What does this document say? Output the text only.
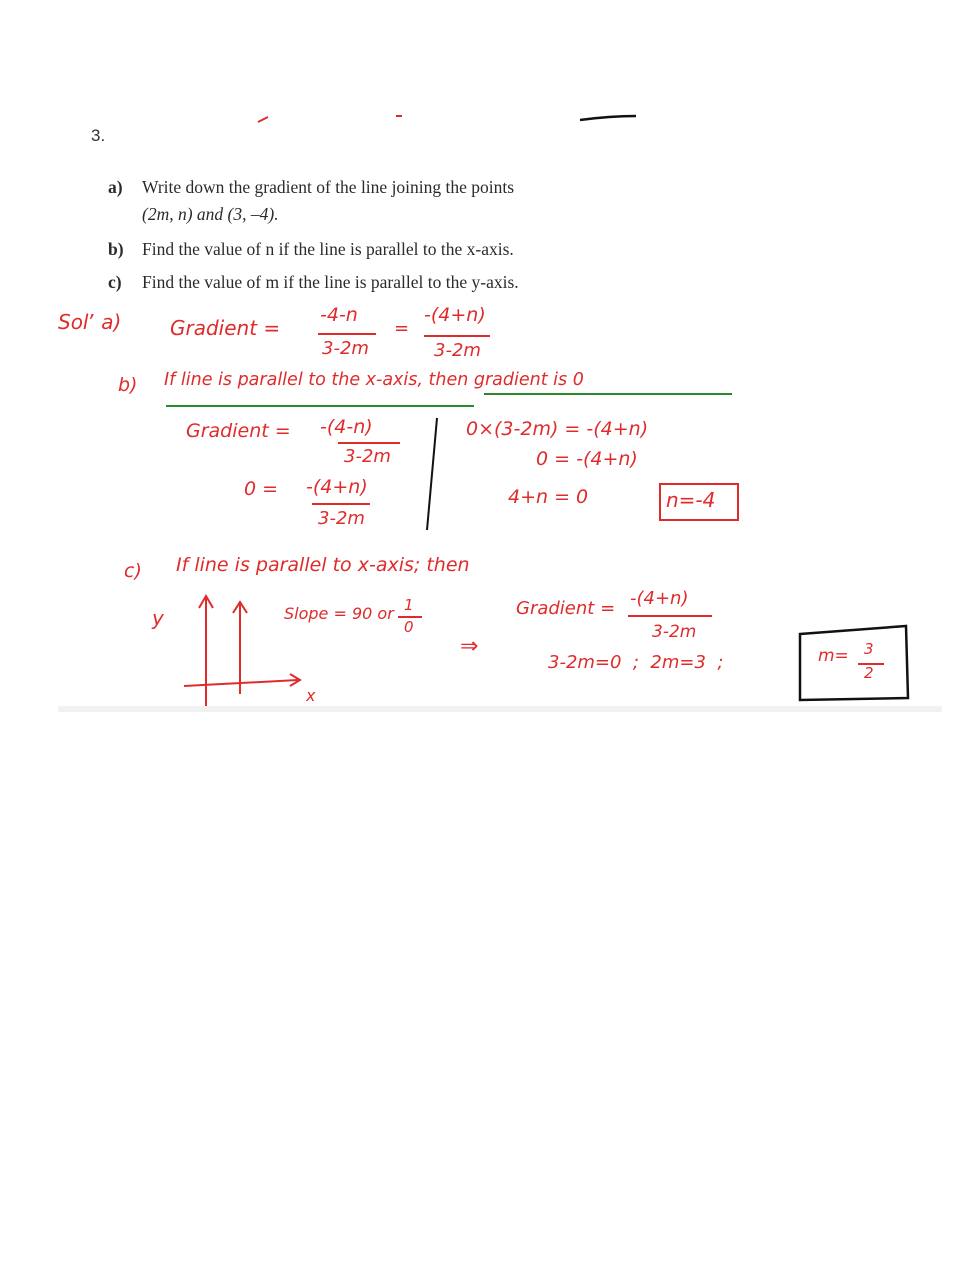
3.
a) Write down the gradient of the line joining the points
(2m, n) and (3, –4).
b) Find the value of n if the line is parallel to the x-axis.
c) Find the value of m if the line is parallel to the y-axis.
Solʼ a) Gradient =
-4-n
3-2m
=
-(4+n)
3-2m
b) If line is parallel to the x-axis, then gradient is 0
Gradient = -(4-n)
3-2m
0 = -(4+n)
3-2m
0×(3-2m) = -(4+n)
0 = -(4+n)
4+n = 0	n=-4
c) If line is parallel to x-axis; then
y
x
Slope = 90 or 1
0
⇒
Gradient = -(4+n)
3-2m
3-2m=0  ;  2m=3  ;	m= 3
2
